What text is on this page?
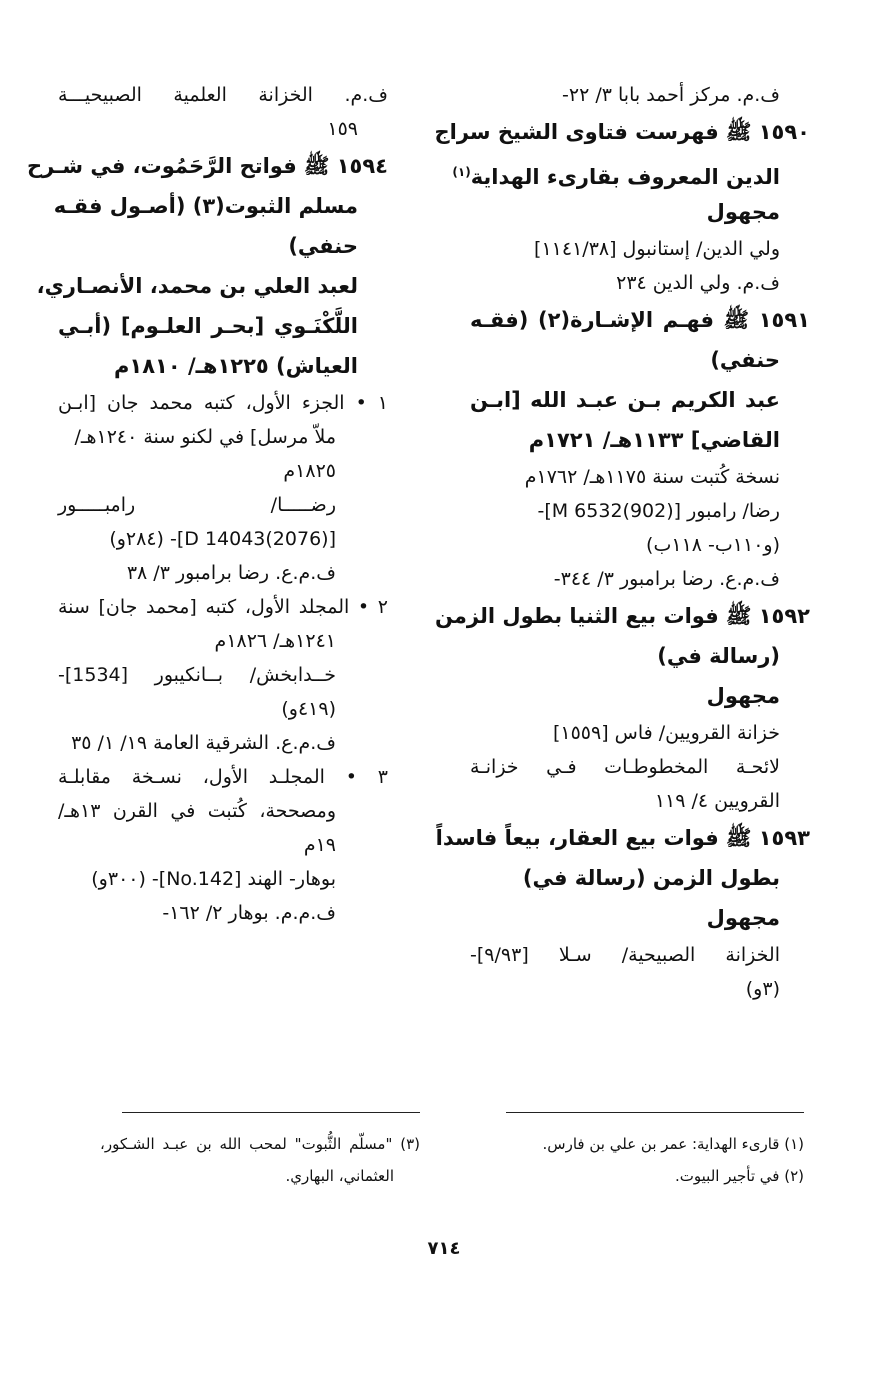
ف.م. مركز أحمد بابا ٣/ ٢٢-
١٥٩٠ ﷺ فهرست فتاوى الشيخ سراج
الدين المعروف بقارىء الهداية$^{(١)}$
مجهول
ولي الدين/ إستانبول [١١٤١/٣٨]
ف.م. ولي الدين ٢٣٤
١٥٩١ ﷺ فهـم الإشـارة(٢) (فقـه
حنفي)
عبد الكريم بـن عبـد الله [ابـن
القاضي] ١١٣٣هـ/ ١٧٢١م
نسخة كُتبت سنة ١١٧٥هـ/ ١٧٦٢م
رضا/ رامبور [M 6532(902)]-
(و١١٠ب- ١١٨ب)
ف.م.ع. رضا برامبور ٣/ ٣٤٤-
١٥٩٢ ﷺ فوات بيع الثنيا بطول الزمن
(رسالة في)
مجهول
خزانة القرويين/ فاس [١٥٥٩]
لائحـة المخطوطـات فـي خزانـة
القرويين ٤/ ١١٩
١٥٩٣ ﷺ فوات بيع العقار، بيعاً فاسداً
بطول الزمن (رسالة في)
مجهول
الخزانة الصبيحية/ سـلا [٩/٩٣]-
(٣و)
ف.م. الخزانة العلمية الصبيحيـــة
١٥٩
١٥٩٤ ﷺ فواتح الرَّحَمُوت، في شـرح
مسلم الثبوت(٣) (أصـول فقـه
حنفي)
لعبد العلي بن محمد، الأنصـاري،
اللَّكْنَـوي [بحـر العلـوم] (أبـي
العياش) ١٢٢٥هـ/ ١٨١٠م
١ • الجزء الأول، كتبه محمد جان [ابـن
ملاّ مرسل] في لكنو سنة ١٢٤٠هـ/
١٨٢٥م
رضـــــا/ رامبـــــور
[D 14043(2076)]- (٢٨٤و)
ف.م.ع. رضا برامبور ٣/ ٣٨
٢ • المجلد الأول، كتبه [محمد جان] سنة
١٢٤١هـ/ ١٨٢٦م
خــدابخش/ بــانكيبور [1534]-
(٤١٩و)
ف.م.ع. الشرقية العامة ١٩/ ١/ ٣٥
٣ • المجلـد الأول، نسـخة مقابلـة
ومصححة، كُتبت في القرن ١٣هـ/
١٩م
بوهار- الهند [No.142]- (٣٠٠و)
ف.م.م. بوهار ٢/ ١٦٢-
(١) قارىء الهداية: عمر بن علي بن فارس.
(٢) في تأجير البيوت.
(٣) "مسلّم الثُّبوت" لمحب الله بن عبـد الشـكور،
العثماني، البهاري.
٧١٤
